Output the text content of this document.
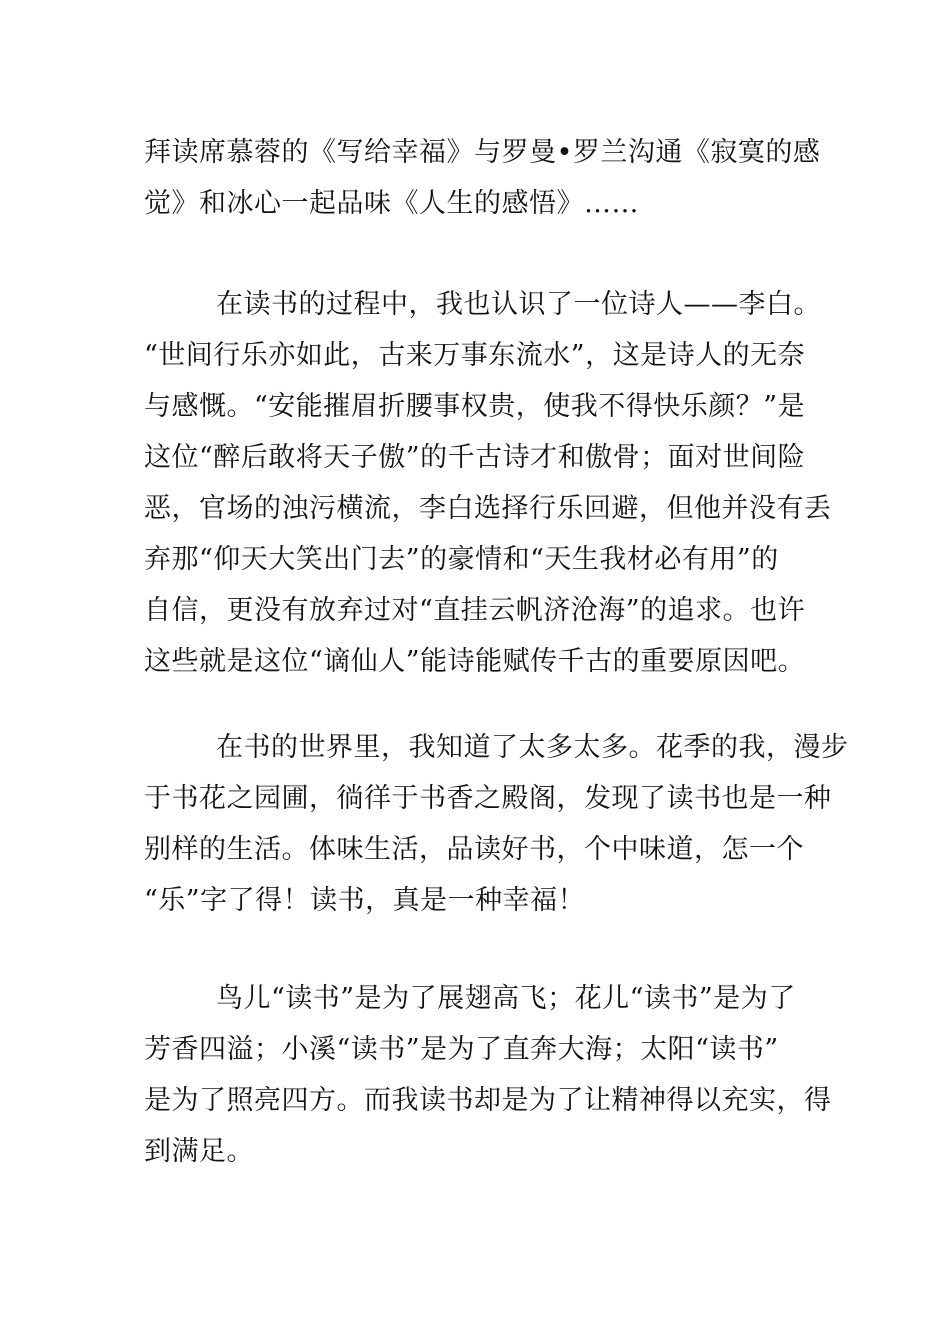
拜读席慕蓉的《写给幸福》与罗曼•罗兰沟通《寂寞的感
觉》和冰心一起品味《人生的感悟》……

在读书的过程中，我也认识了一位诗人——李白。
“世间行乐亦如此，古来万事东流水”，这是诗人的无奈
与感慨。“安能摧眉折腰事权贵，使我不得快乐颜？”是
这位“醉后敢将天子傲”的千古诗才和傲骨；面对世间险
恶，官场的浊污横流，李白选择行乐回避，但他并没有丢
弃那“仰天大笑出门去”的豪情和“天生我材必有用”的
自信，更没有放弃过对“直挂云帆济沧海”的追求。也许
这些就是这位“谪仙人”能诗能赋传千古的重要原因吧。

在书的世界里，我知道了太多太多。花季的我，漫步
于书花之园圃，徜徉于书香之殿阁，发现了读书也是一种
别样的生活。体味生活，品读好书，个中味道，怎一个
“乐”字了得！读书，真是一种幸福！

鸟儿“读书”是为了展翅高飞；花儿“读书”是为了
芳香四溢；小溪“读书”是为了直奔大海；太阳“读书”
是为了照亮四方。而我读书却是为了让精神得以充实，得
到满足。
